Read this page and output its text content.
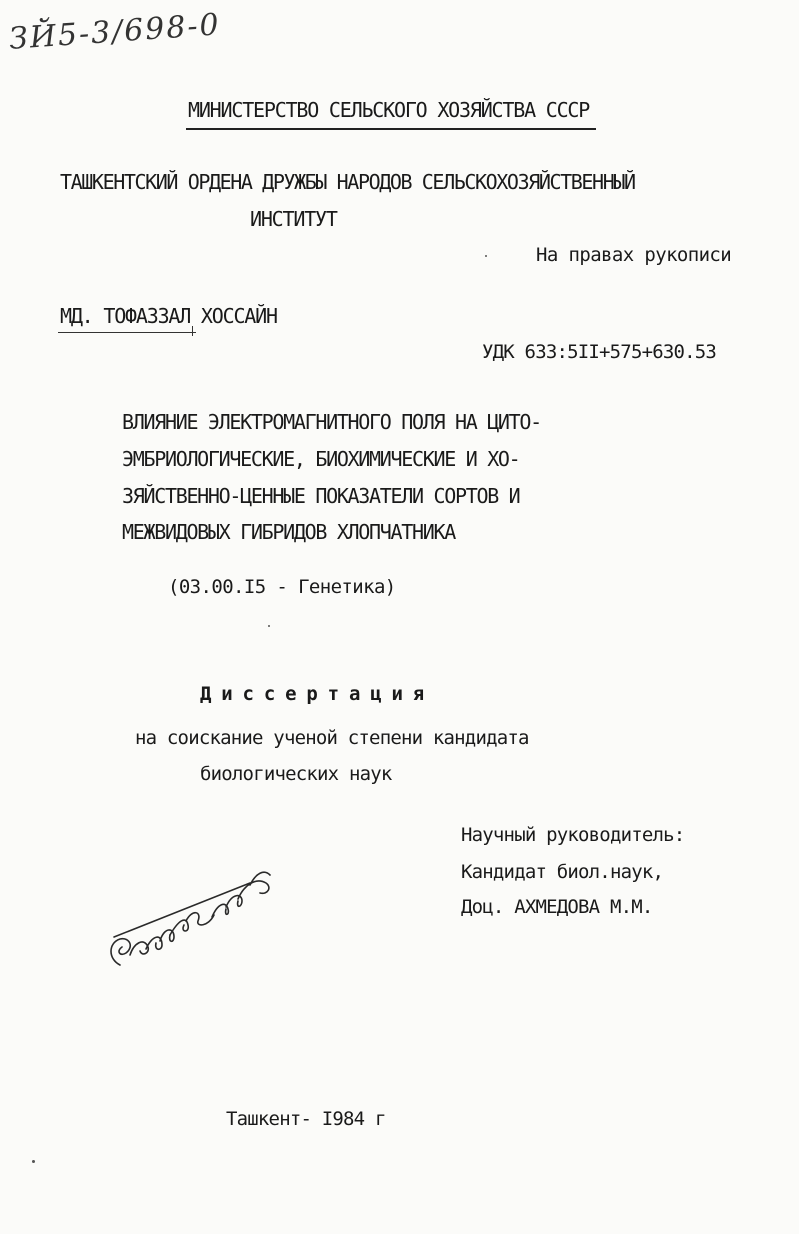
ЗЙ5-3/698-0
МИНИСТЕРСТВО СЕЛЬСКОГО ХОЗЯЙСТВА СССР
ТАШКЕНТСКИЙ ОРДЕНА ДРУЖБЫ НАРОДОВ СЕЛЬСКОХОЗЯЙСТВЕННЫЙ
ИНСТИТУТ
На правах рукописи
МД. ТОФАЗЗАЛ ХОССАЙН
УДК 633:5II+575+630.53
ВЛИЯНИЕ ЭЛЕКТРОМАГНИТНОГО ПОЛЯ НА ЦИТО-
ЭМБРИОЛОГИЧЕСКИЕ, БИОХИМИЧЕСКИЕ И ХО-
ЗЯЙСТВЕННО-ЦЕННЫЕ ПОКАЗАТЕЛИ СОРТОВ И
МЕЖВИДОВЫХ ГИБРИДОВ ХЛОПЧАТНИКА
(03.00.I5 - Генетика)
Д и с с е р т а ц и я
на соискание ученой степени кандидата
биологических наук
Научный руководитель:
Кандидат биол.наук,
Доц. АХМЕДОВА М.М.
Ташкент- I984 г
